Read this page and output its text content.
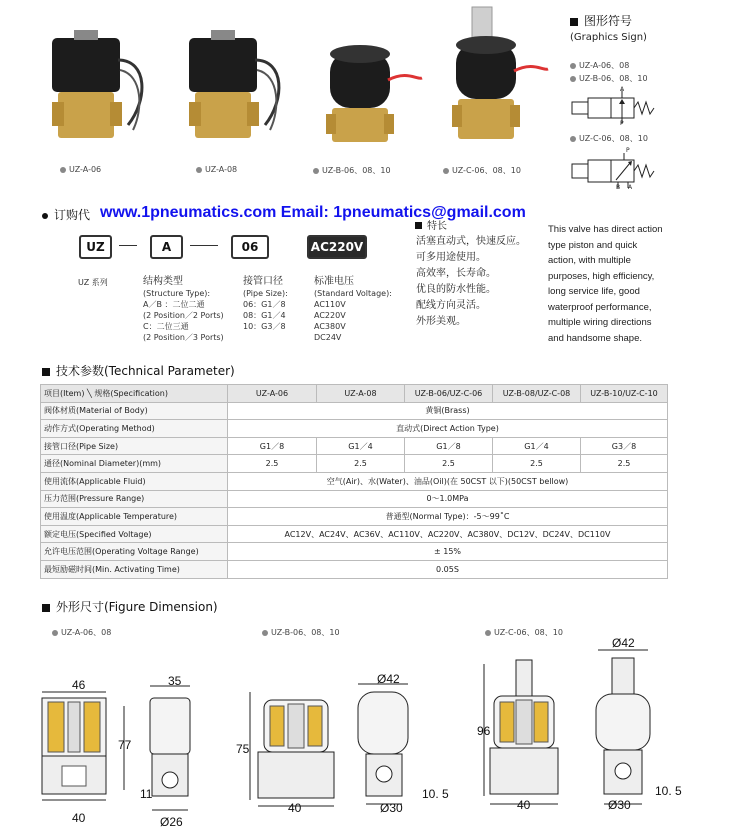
UZ-A-06	UZ-A-08	UZ-B-06、08、10	UZ-C-06、08、10
图形符号
(Graphics Sign)
UZ-A-06、08
UZ-B-06、08、10
A
P
UZ-C-06、08、10
P
B A
订购代 www.1pneumatics.com Email: 1pneumatics@gmail.com
UZ	A	06	AC220V
UZ 系列	结构类型
(Structure Type):
A／B ：二位二通
(2 Position／2 Ports)
C：二位三通
(2 Position／3 Ports)
接管口径
(Pipe Size):
06：G1／8
08：G1／4
10：G3／8
标准电压
(Standard Voltage):
AC110V
AC220V
AC380V
DC24V
特长
活塞直动式，快速反应。
可多用途使用。
高效率，长寿命。
优良的防水性能。
配线方向灵活。
外形美观。
This valve has direct action type piston and quick action, with multiple purposes, high efficiency, long service life, good waterproof performance, multiple wiring directions and handsome shape.
技术参数(Technical Parameter)
项目(Item) ╲ 规格(Specification)	UZ-A-06	UZ-A-08	UZ-B-06/UZ-C-06	UZ-B-08/UZ-C-08	UZ-B-10/UZ-C-10
阀体材质(Material of Body)	黄铜(Brass)				
动作方式(Operating Method)	直动式(Direct Action Type)				
接管口径(Pipe Size)	G1／8	G1／4	G1／8	G1／4	G3／8
通径(Nominal Diameter)(mm)	2.5	2.5	2.5	2.5	2.5
使用流体(Applicable Fluid)	空气(Air)、水(Water)、油品(Oil)(在 50CST 以下)(50CST bellow)				
压力范围(Pressure Range)	0～1.0MPa				
使用温度(Applicable Temperature)	普通型(Normal Type)：-5～99˚C				
额定电压(Specified Voltage)	AC12V、AC24V、AC36V、AC110V、AC220V、AC380V、DC12V、DC24V、DC110V				
允许电压范围(Operating Voltage Range)	± 15%				
最短励磁时间(Min. Activating Time)	0.05S				
外形尺寸(Figure Dimension)
UZ-A-06、08	UZ-B-06、08、10	UZ-C-06、08、10
46	35
77
11
40	Ø26
Ø42
75
10. 5
40	Ø30
Ø42
96
10. 5
40	Ø30
